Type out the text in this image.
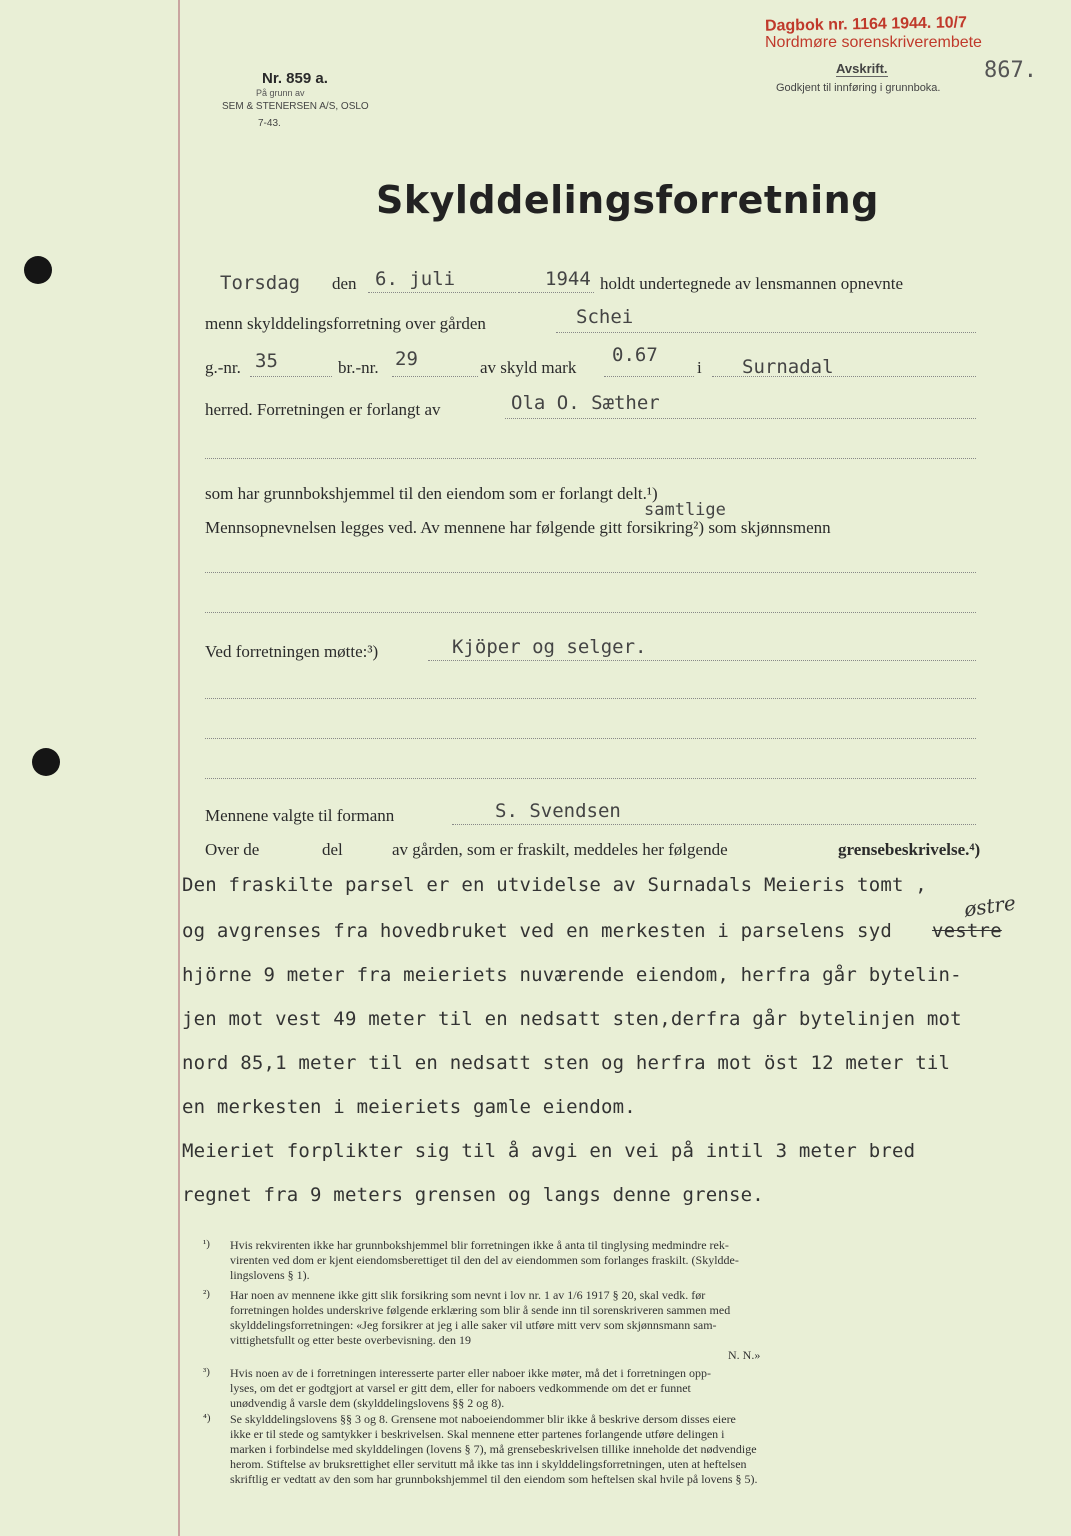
Nr. 859 a.
På grunn av
SEM & STENERSEN A/S, OSLO
7-43.
Dagbok nr. 1164 1944. 10/7
Nordmøre sorenskriverembete
Avskrift.
Godkjent til innføring i grunnboka.
867.
Skylddelingsforretning
Torsdag den 6. juli	1944 holdt undertegnede av lensmannen opnevnte
menn skylddelingsforretning over gården	Schei
g.-nr. 35	br.-nr. 29	av skyld mark
0.67
i Surnadal
herred. Forretningen er forlangt av	Ola O. Sæther
som har grunnbokshjemmel til den eiendom som er forlangt delt.¹)
samtlige
Mennsopnevnelsen legges ved. Av mennene har følgende gitt forsikring²) som skjønnsmenn
Ved forretningen møtte:³)	Kjöper og selger.
Mennene valgte til formann	S. Svendsen
Over de	del	av gården, som er fraskilt, meddeles her følgende	grensebeskrivelse.⁴)
Den fraskilte parsel er en utvidelse av Surnadals Meieris tomt ,
og avgrenses fra hovedbruket ved en merkesten i parselens syd vestre
østre
hjörne 9 meter fra meieriets nuværende eiendom, herfra går bytelin-
jen mot vest 49 meter til en nedsatt sten,derfra går bytelinjen mot
nord 85,1 meter til en nedsatt sten og herfra mot öst 12 meter til
en merkesten i meieriets gamle eiendom.
Meieriet forplikter sig til å avgi en vei på intil 3 meter bred
regnet fra 9 meters grensen og langs denne grense.
¹) Hvis rekvirenten ikke har grunnbokshjemmel blir forretningen ikke å anta til tinglysing medmindre rek-
virenten ved dom er kjent eiendomsberettiget til den del av eiendommen som forlanges fraskilt. (Skyldde-
lingslovens § 1).
²) Har noen av mennene ikke gitt slik forsikring som nevnt i lov nr. 1 av 1/6 1917 § 20, skal vedk. før
forretningen holdes underskrive følgende erklæring som blir å sende inn til sorenskriveren sammen med
skylddelingsforretningen: «Jeg forsikrer at jeg i alle saker vil utføre mitt verv som skjønnsmann sam-
vittighetsfullt og etter beste overbevisning. den 19
N. N.»
³) Hvis noen av de i forretningen interesserte parter eller naboer ikke møter, må det i forretningen opp-
lyses, om det er godtgjort at varsel er gitt dem, eller for naboers vedkommende om det er funnet
unødvendig å varsle dem (skylddelingslovens §§ 2 og 8).
⁴) Se skylddelingslovens §§ 3 og 8. Grensene mot naboeiendommer blir ikke å beskrive dersom disses eiere
ikke er til stede og samtykker i beskrivelsen. Skal mennene etter partenes forlangende utføre delingen i
marken i forbindelse med skylddelingen (lovens § 7), må grensebeskrivelsen tillike inneholde det nødvendige
herom. Stiftelse av bruksrettighet eller servitutt må ikke tas inn i skylddelingsforretningen, uten at heftelsen
skriftlig er vedtatt av den som har grunnbokshjemmel til den eiendom som heftelsen skal hvile på lovens § 5).
